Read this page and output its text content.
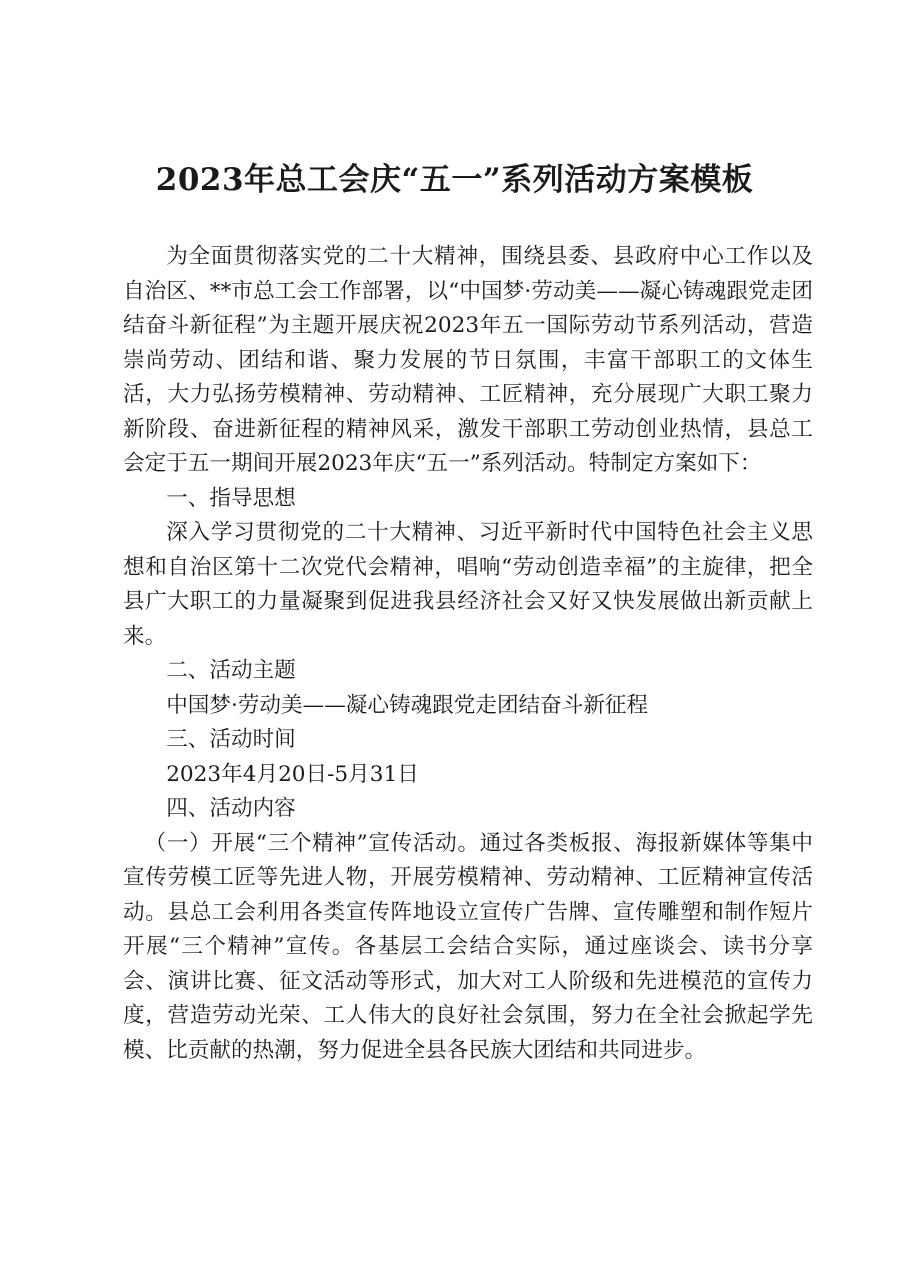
2023年总工会庆“五一”系列活动方案模板

为全面贯彻落实党的二十大精神，围绕县委、县政府中心工作以及自治区、**市总工会工作部署，以“中国梦·劳动美——凝心铸魂跟党走团结奋斗新征程”为主题开展庆祝2023年五一国际劳动节系列活动，营造崇尚劳动、团结和谐、聚力发展的节日氛围，丰富干部职工的文体生活，大力弘扬劳模精神、劳动精神、工匠精神，充分展现广大职工聚力新阶段、奋进新征程的精神风采，激发干部职工劳动创业热情，县总工会定于五一期间开展2023年庆“五一”系列活动。特制定方案如下：

一、指导思想

深入学习贯彻党的二十大精神、习近平新时代中国特色社会主义思想和自治区第十二次党代会精神，唱响“劳动创造幸福”的主旋律，把全县广大职工的力量凝聚到促进我县经济社会又好又快发展做出新贡献上来。

二、活动主题

中国梦·劳动美——凝心铸魂跟党走团结奋斗新征程

三、活动时间

2023年4月20日-5月31日

四、活动内容

（一）开展“三个精神”宣传活动。通过各类板报、海报新媒体等集中宣传劳模工匠等先进人物，开展劳模精神、劳动精神、工匠精神宣传活动。县总工会利用各类宣传阵地设立宣传广告牌、宣传雕塑和制作短片开展“三个精神”宣传。各基层工会结合实际，通过座谈会、读书分享会、演讲比赛、征文活动等形式，加大对工人阶级和先进模范的宣传力度，营造劳动光荣、工人伟大的良好社会氛围，努力在全社会掀起学先模、比贡献的热潮，努力促进全县各民族大团结和共同进步。
